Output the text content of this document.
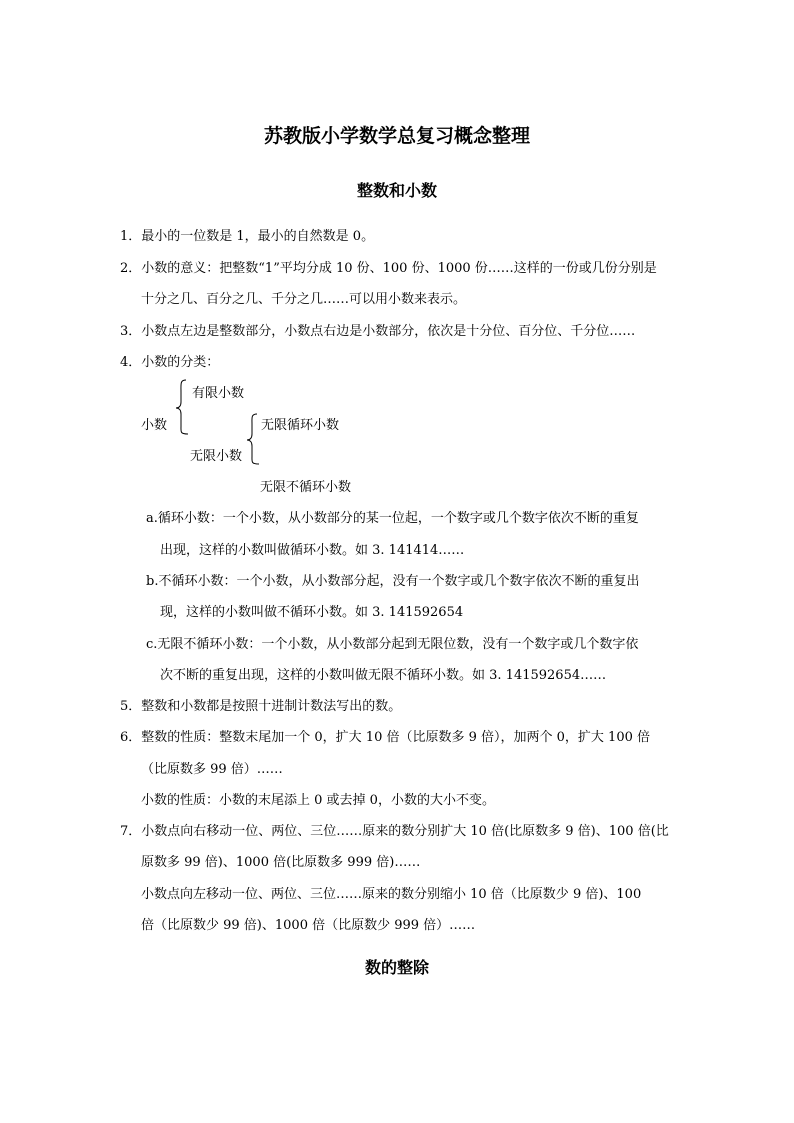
苏教版小学数学总复习概念整理
整数和小数
1．最小的一位数是 1，最小的自然数是 0。
2．小数的意义：把整数“1”平均分成 10 份、100 份、1000 份……这样的一份或几份分别是
十分之几、百分之几、千分之几……可以用小数来表示。
3．小数点左边是整数部分，小数点右边是小数部分，依次是十分位、百分位、千分位……
4．小数的分类：
有限小数
小数	无限循环小数
无限小数
无限不循环小数
a.循环小数：一个小数，从小数部分的某一位起，一个数字或几个数字依次不断的重复
出现，这样的小数叫做循环小数。如 3. 141414……
b.不循环小数：一个小数，从小数部分起，没有一个数字或几个数字依次不断的重复出
现，这样的小数叫做不循环小数。如 3. 141592654
c.无限不循环小数：一个小数，从小数部分起到无限位数，没有一个数字或几个数字依
次不断的重复出现，这样的小数叫做无限不循环小数。如 3. 141592654……
5．整数和小数都是按照十进制计数法写出的数。
6．整数的性质：整数末尾加一个 0，扩大 10 倍（比原数多 9 倍），加两个 0，扩大 100 倍
（比原数多 99 倍）……
小数的性质：小数的末尾添上 0 或去掉 0，小数的大小不变。
7．小数点向右移动一位、两位、三位……原来的数分别扩大 10 倍(比原数多 9 倍)、100 倍(比
原数多 99 倍)、1000 倍(比原数多 999 倍)……
小数点向左移动一位、两位、三位……原来的数分别缩小 10 倍（比原数少 9 倍)、100
倍（比原数少 99 倍)、1000 倍（比原数少 999 倍）……
数的整除
